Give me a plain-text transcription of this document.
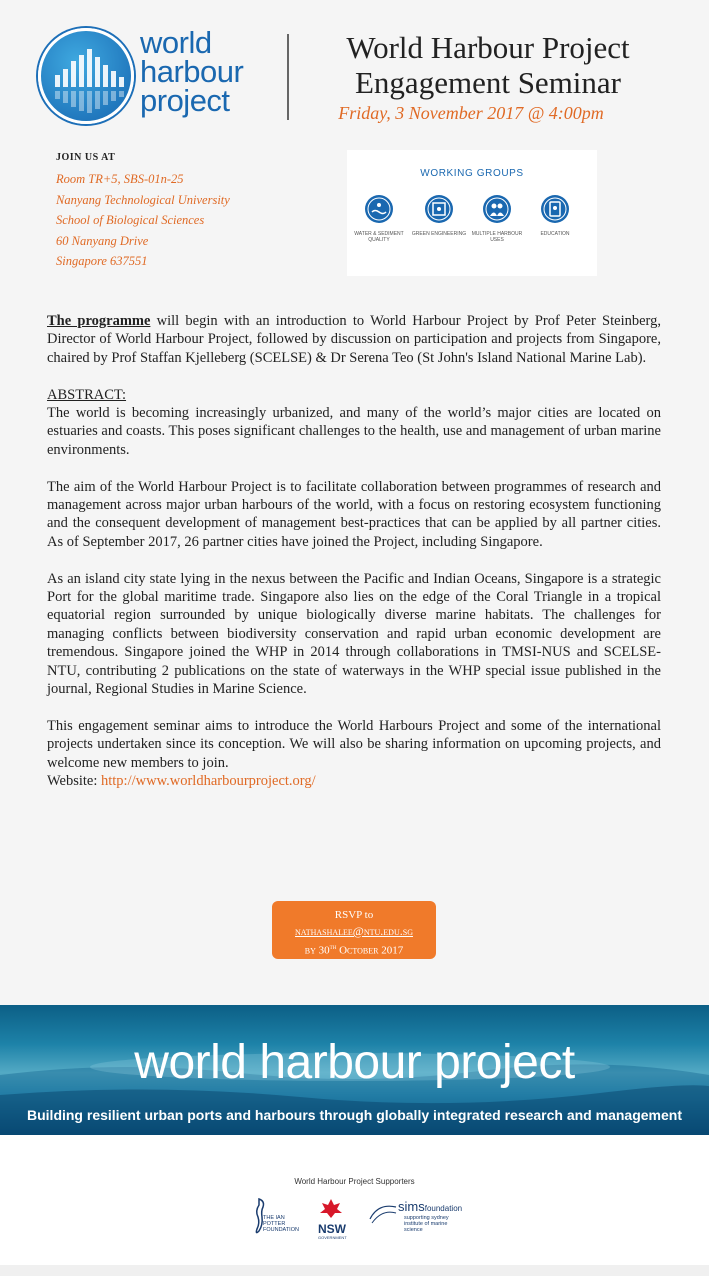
world
harbour
project
World Harbour Project
Engagement Seminar
Friday, 3 November 2017 @ 4:00pm
JOIN US AT
Room TR+5, SBS-01n-25
Nanyang Technological University
School of Biological Sciences
60 Nanyang Drive
Singapore 637551
WORKING GROUPS
WATER & SEDIMENT QUALITY
GREEN ENGINEERING	MULTIPLE HARBOUR USES
EDUCATION

The programme will begin with an introduction to World Harbour Project by Prof Peter Steinberg, Director of World Harbour Project, followed by discussion on participation and projects from Singapore, chaired by Prof Staffan Kjelleberg (SCELSE) & Dr Serena Teo (St John's Island National Marine Lab).

ABSTRACT:

The world is becoming increasingly urbanized, and many of the world’s major cities are located on estuaries and coasts. This poses significant challenges to the health, use and management of urban marine environments.

The aim of the World Harbour Project is to facilitate collaboration between programmes of research and management across major urban harbours of the world, with a focus on restoring ecosystem functioning and the consequent development of management best-practices that can be applied by all partner cities. As of September 2017, 26 partner cities have joined the Project, including Singapore.

As an island city state lying in the nexus between the Pacific and Indian Oceans, Singapore is a strategic Port for the global maritime trade. Singapore also lies on the edge of the Coral Triangle in a tropical equatorial region surrounded by unique biologically diverse marine habitats. The challenges for managing conflicts between biodiversity conservation and rapid urban economic development are tremendous. Singapore joined the WHP in 2014 through collaborations in TMSI-NUS and SCELSE-NTU, contributing 2 publications on the state of waterways in the WHP special issue published in the journal, Regional Studies in Marine Science.

This engagement seminar aims to introduce the World Harbours Project and some of the international projects undertaken since its conception. We will also be sharing information on upcoming projects, and welcome new members to join.
Website: http://www.worldharbourproject.org/
RSVP to
nathashalee@ntu.edu.sg
by 30th October 2017
world harbour project
Building resilient urban ports and harbours through globally integrated research and management
World Harbour Project Supporters
THE IAN POTTER FOUNDATION	NSW
GOVERNMENT
simsfoundation
supporting sydney institute of marine science
